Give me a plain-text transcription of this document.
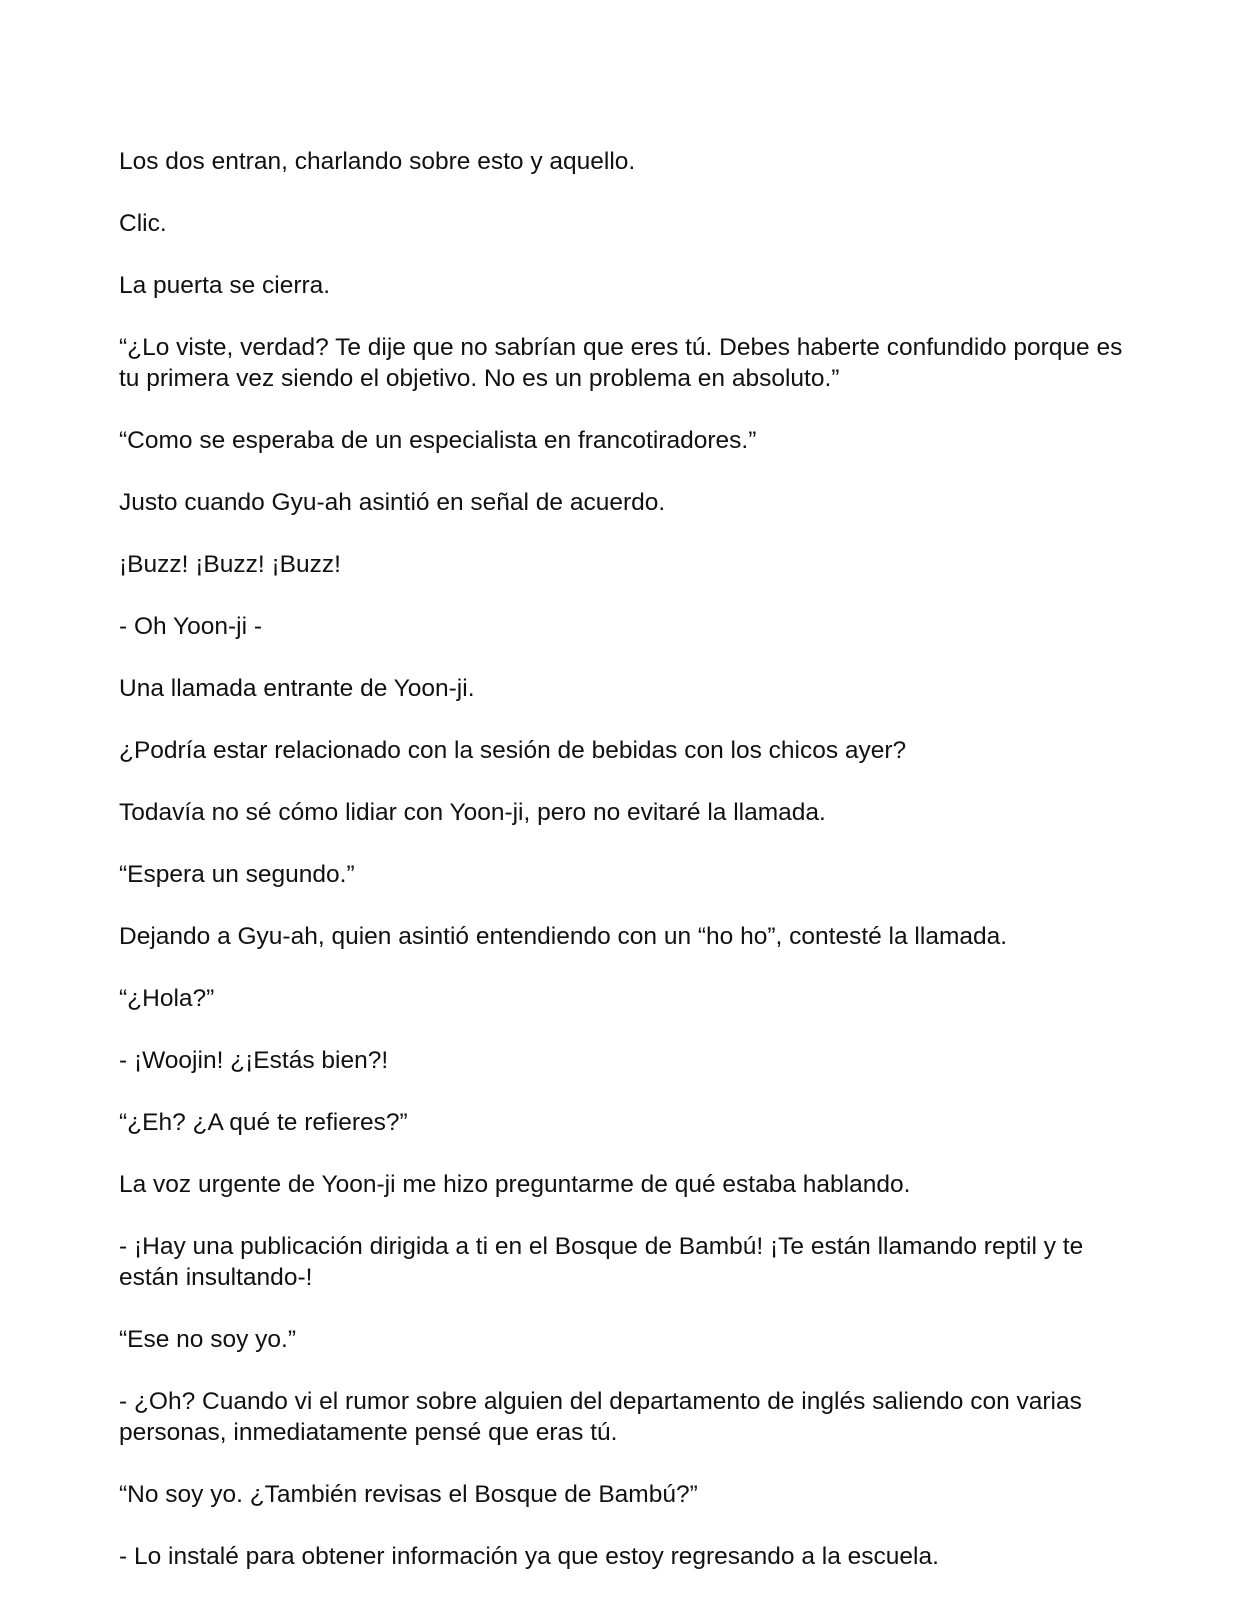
Los dos entran, charlando sobre esto y aquello.

Clic.

La puerta se cierra.

“¿Lo viste, verdad? Te dije que no sabrían que eres tú. Debes haberte confundido porque es tu primera vez siendo el objetivo. No es un problema en absoluto.”

“Como se esperaba de un especialista en francotiradores.”

Justo cuando Gyu-ah asintió en señal de acuerdo.

¡Buzz! ¡Buzz! ¡Buzz!

- Oh Yoon-ji -

Una llamada entrante de Yoon-ji.

¿Podría estar relacionado con la sesión de bebidas con los chicos ayer?

Todavía no sé cómo lidiar con Yoon-ji, pero no evitaré la llamada.

“Espera un segundo.”

Dejando a Gyu-ah, quien asintió entendiendo con un “ho ho”, contesté la llamada.

“¿Hola?”

- ¡Woojin! ¿¡Estás bien?!

“¿Eh? ¿A qué te refieres?”

La voz urgente de Yoon-ji me hizo preguntarme de qué estaba hablando.

- ¡Hay una publicación dirigida a ti en el Bosque de Bambú! ¡Te están llamando reptil y te están insultando-!

“Ese no soy yo.”

- ¿Oh? Cuando vi el rumor sobre alguien del departamento de inglés saliendo con varias personas, inmediatamente pensé que eras tú.

“No soy yo. ¿También revisas el Bosque de Bambú?”

- Lo instalé para obtener información ya que estoy regresando a la escuela.
